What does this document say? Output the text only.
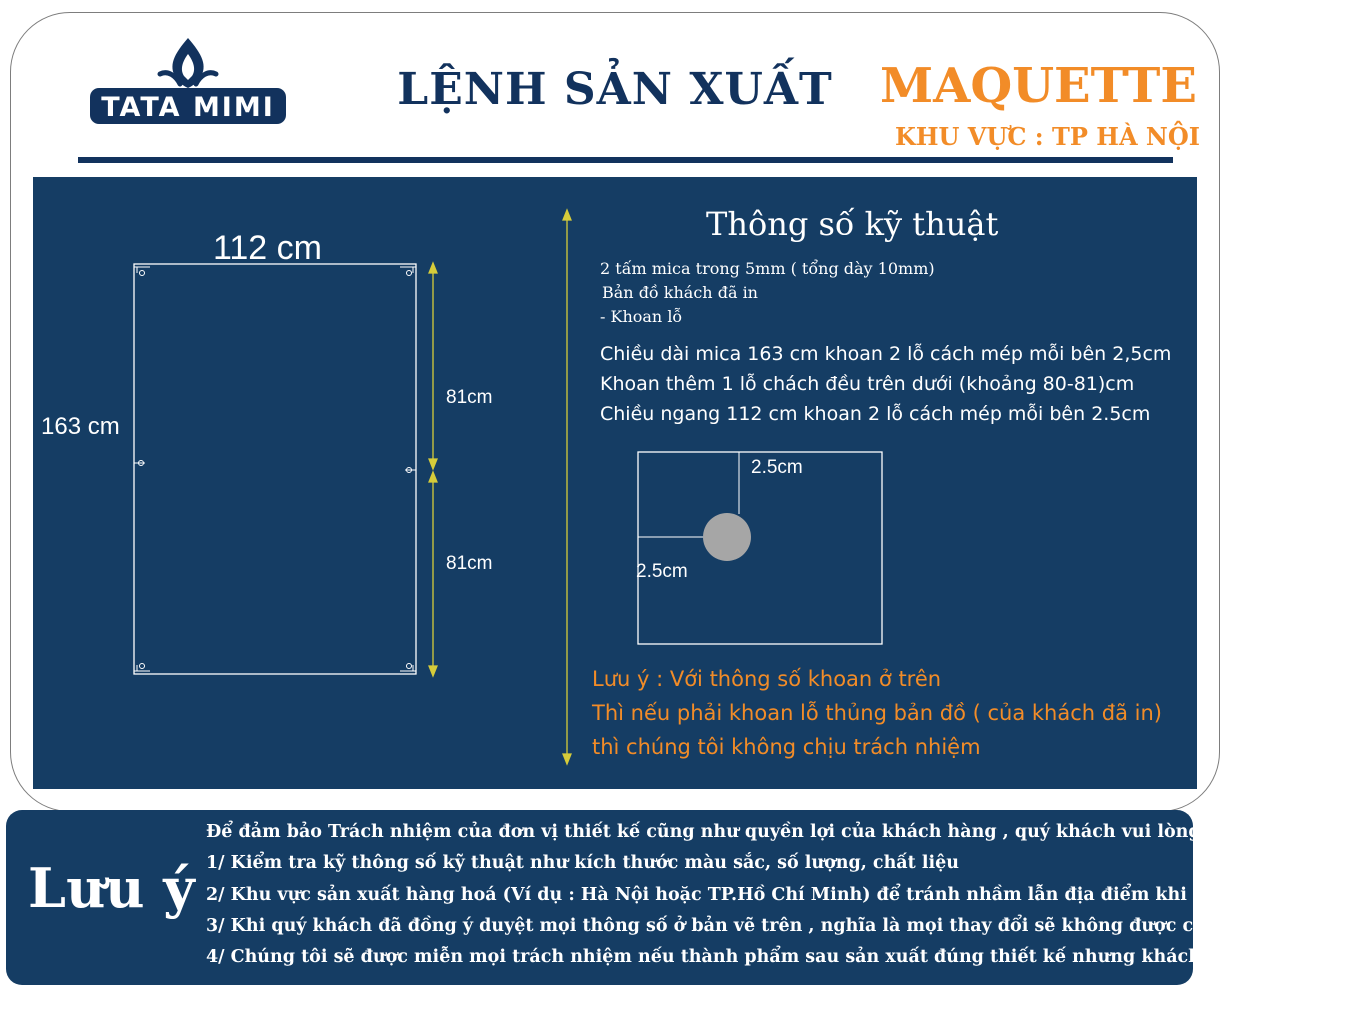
TATA MIMI	LỆNH SẢN XUẤT MAQUETTE
KHU VỰC : TP HÀ NỘI
112 cm
163 cm
81cm
81cm
2.5cm
2.5cm
Thông số kỹ thuật
2 tấm mica trong 5mm ( tổng dày 10mm)
Bản đồ khách đã in
- Khoan lỗ
Chiều dài mica 163 cm khoan 2 lỗ cách mép mỗi bên 2,5cm
Khoan thêm 1 lỗ chách đều trên dưới (khoảng 80-81)cm
Chiều ngang 112 cm khoan 2 lỗ cách mép mỗi bên 2.5cm
Lưu ý : Với thông số khoan ở trên
Thì nếu phải khoan lỗ thủng bản đồ ( của khách đã in)
thì chúng tôi không chịu trách nhiệm
Lưu ý
Để đảm bảo Trách nhiệm của đơn vị thiết kế cũng như quyền lợi của khách hàng , quý khách vui lòng
1/ Kiểm tra kỹ thông số kỹ thuật như kích thước màu sắc, số lượng, chất liệu
2/ Khu vực sản xuất hàng hoá (Ví dụ : Hà Nội hoặc TP.Hồ Chí Minh) để tránh nhầm lẫn địa điểm khi giao hàng
3/ Khi quý khách đã đồng ý duyệt mọi thông số ở bản vẽ trên , nghĩa là mọi thay đổi sẽ không được chấp nhận
4/ Chúng tôi sẽ được miễn mọi trách nhiệm nếu thành phẩm sau sản xuất đúng thiết kế nhưng khách muốn thay đổi
